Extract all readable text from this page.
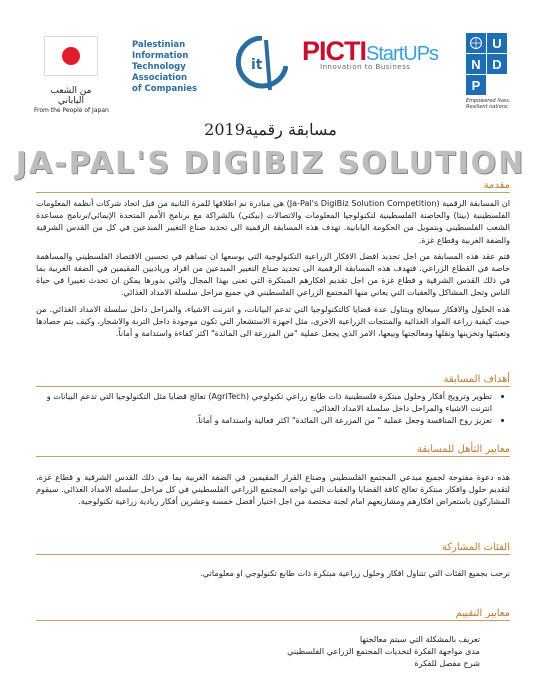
من الشعب الياباني
From the People of Japan
Palestinian
Information
Technology
Association
of Companies
it PICTIStartUPs
Innovation to Business
U
N D
P
Empowered lives. Resilient nations.
مسابقة رقمية2019
JA-PAL'S DIGIBIZ SOLUTION
مقدمة

ان المسابقة الرقمية (Ja-Pal's DigiBiz Solution Competition) هي مبادرة تم اطلاقها للمرة الثانية من قبل اتحاد شركات أنظمة المعلومات الفلسطينية (بيتا) والحاضنة الفلسطينية لتكنولوجيا المعلومات والاتصالات (بيكتي) بالشراكة مع برنامج الأمم المتحدة الإنمائي/برنامج مساعدة الشعب الفلسطيني وبتمويل من الحكومة اليابانية. تهدف هذه المسابقة الرقمية الى تحديد صناع التغيير المبدعين في كل من القدس الشرقية والضفة الغربية وقطاع غزة.

فتم عقد هذه المسابقة من اجل تحديد افضل الافكار الزراعية التكنولوجية التي بوسعها ان تساهم في تحسين الاقتصاد الفلسطيني والمساهمة خاصة في القطاع الزراعي. فتهدف هذه المسابقة الرقمية الى تحديد صناع التغيير المبدعين من افراد ورياديين المقيمين في الضفة الغربية بما في ذلك القدس الشرقية و قطاع غزة من اجل تقديم افكارهم المبتكرة التي تعنى بهذا المجال والتي بدورها يمكن ان تحدث تغييرا في حياة الناس وتحل المشاكل والعقبات التي يعاني منها المجتمع الزراعي الفلسطيني في جميع مراحل سلسلة الامداد الغذائي.

هذه الحلول والافكار سيعالج ويتناول عدة قضايا كالتكنولوجيا التي تدعم البيانات، و انترنت الاشياء، والمراحل داخل سلسلة الامداد الغذائي. من حيث كيفية زراعة المواد الغذائية والمنتجات الزراعية الاخرى، مثل اجهزة الاستشعار التي تكون موجودة داخل التربة والاشجار، وكيف يتم حصادها وتعبئتها وتخزينها ونقلها ومعالجتها وبيعها، الامر الذي يجعل عملية "من المزرعة الى المائدة" اكثر كفاءة واستدامة و أماناً.

أهداف المسابقة
• تطوير وترويج أفكار وحلول مبتكرة فلسطينية ذات طابع زراعي تكنولوجي (AgriTech) تعالج قضايا مثل التكنولوجيا التي تدعم البيانات و انترنت الاشياء والمراحل داخل سلسلة الامداد الغذائي.
• تعزيز روح المنافسة وجعل عملية " من المزرعة الى المائدة" اكثر فعالية واستدامة و أماناً.
معايير التأهل للمسابقة

هذه دعوة مفتوحة لجميع مبدعي المجتمع الفلسطيني وصناع القرار المقيمين في الضفة الغربية بما في ذلك القدس الشرقية و قطاع غزة، لتقديم حلول وافكار مبتكرة تعالج كافة القضايا والعقبات التي تواجه المجتمع الزراعي الفلسطيني في كل مراحل سلسلة الامداد الغذائي. سيقوم المشاركون باستعراض افكارهم ومشاريعهم امام لجنة مختصة من اجل اختيار أفضل خمسة وعشرين أفكار ريادية زراعية تكنولوجية.

الفئات المشاركة

نرحب بجميع الفئات التي تتناول افكار وحلول زراعية مبتكرة ذات طابع تكنولوجي او معلوماتي.

معايير التقييم
تعريف بالمشكلة التي سيتم معالجتها
مدى مواجهة الفكرة لتحديات المجتمع الزراعي الفلسطيني
شرح مفصل للفكرة
